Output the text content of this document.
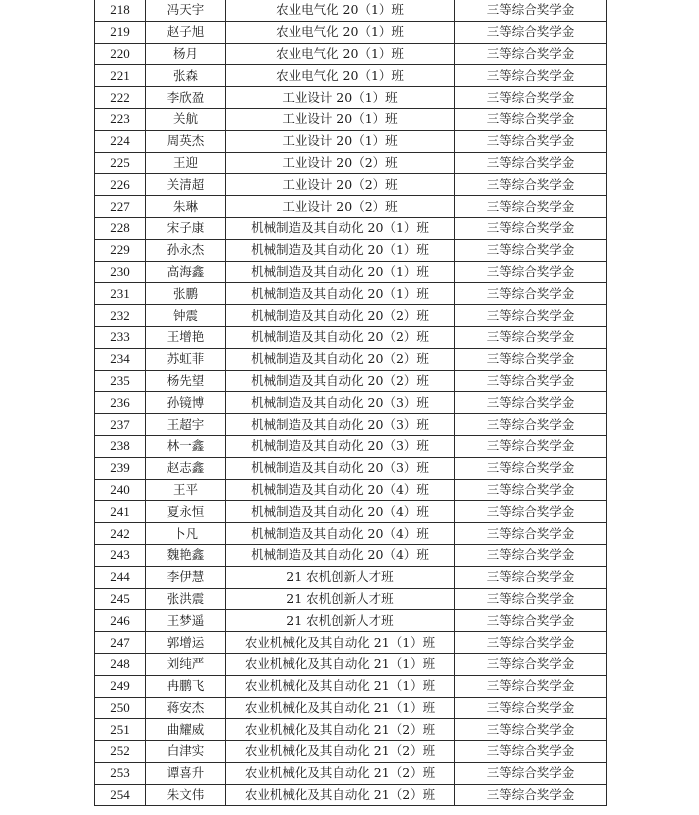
218	冯天宇	农业电气化 20（1）班	三等综合奖学金
219	赵子旭	农业电气化 20（1）班	三等综合奖学金
220	杨月	农业电气化 20（1）班	三等综合奖学金
221	张森	农业电气化 20（1）班	三等综合奖学金
222	李欣盈	工业设计 20（1）班	三等综合奖学金
223	关航	工业设计 20（1）班	三等综合奖学金
224	周英杰	工业设计 20（1）班	三等综合奖学金
225	王迎	工业设计 20（2）班	三等综合奖学金
226	关清超	工业设计 20（2）班	三等综合奖学金
227	朱琳	工业设计 20（2）班	三等综合奖学金
228	宋子康	机械制造及其自动化 20（1）班	三等综合奖学金
229	孙永杰	机械制造及其自动化 20（1）班	三等综合奖学金
230	高海鑫	机械制造及其自动化 20（1）班	三等综合奖学金
231	张鹏	机械制造及其自动化 20（1）班	三等综合奖学金
232	钟震	机械制造及其自动化 20（2）班	三等综合奖学金
233	王增艳	机械制造及其自动化 20（2）班	三等综合奖学金
234	苏虹菲	机械制造及其自动化 20（2）班	三等综合奖学金
235	杨先望	机械制造及其自动化 20（2）班	三等综合奖学金
236	孙镜博	机械制造及其自动化 20（3）班	三等综合奖学金
237	王超宇	机械制造及其自动化 20（3）班	三等综合奖学金
238	林一鑫	机械制造及其自动化 20（3）班	三等综合奖学金
239	赵志鑫	机械制造及其自动化 20（3）班	三等综合奖学金
240	王平	机械制造及其自动化 20（4）班	三等综合奖学金
241	夏永恒	机械制造及其自动化 20（4）班	三等综合奖学金
242	卜凡	机械制造及其自动化 20（4）班	三等综合奖学金
243	魏艳鑫	机械制造及其自动化 20（4）班	三等综合奖学金
244	李伊慧	21 农机创新人才班	三等综合奖学金
245	张洪震	21 农机创新人才班	三等综合奖学金
246	王梦遥	21 农机创新人才班	三等综合奖学金
247	郭增运	农业机械化及其自动化 21（1）班	三等综合奖学金
248	刘纯严	农业机械化及其自动化 21（1）班	三等综合奖学金
249	冉鹏飞	农业机械化及其自动化 21（1）班	三等综合奖学金
250	蒋安杰	农业机械化及其自动化 21（1）班	三等综合奖学金
251	曲耀威	农业机械化及其自动化 21（2）班	三等综合奖学金
252	白津实	农业机械化及其自动化 21（2）班	三等综合奖学金
253	谭喜升	农业机械化及其自动化 21（2）班	三等综合奖学金
254	朱文伟	农业机械化及其自动化 21（2）班	三等综合奖学金
